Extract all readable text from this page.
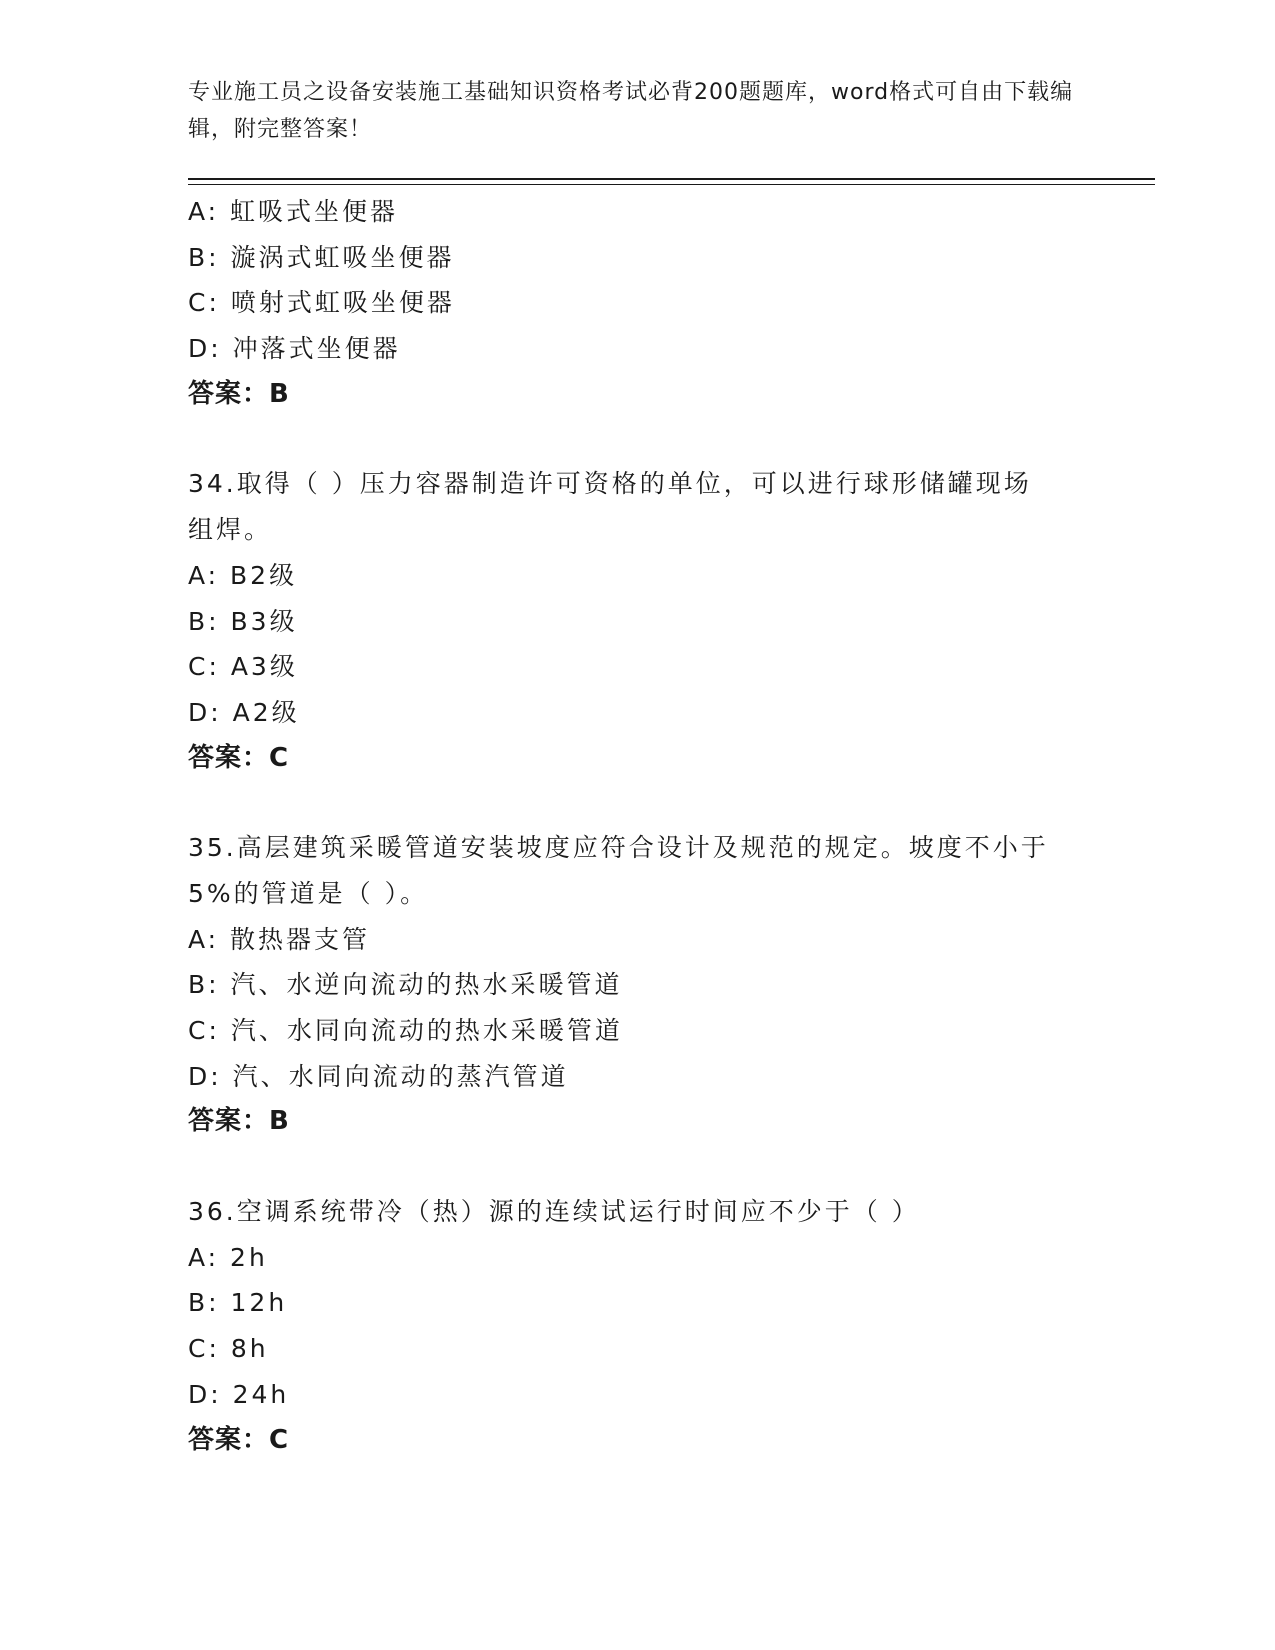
专业施工员之设备安装施工基础知识资格考试必背200题题库，word格式可自由下载编辑，附完整答案！
A: 虹吸式坐便器
B: 漩涡式虹吸坐便器
C: 喷射式虹吸坐便器
D: 冲落式坐便器
答案：B
34.取得（ ）压力容器制造许可资格的单位，可以进行球形储罐现场
组焊。
A: B2级
B: B3级
C: A3级
D: A2级
答案：C
35.高层建筑采暖管道安装坡度应符合设计及规范的规定。坡度不小于
5%的管道是（ ）。
A: 散热器支管
B: 汽、水逆向流动的热水采暖管道
C: 汽、水同向流动的热水采暖管道
D: 汽、水同向流动的蒸汽管道
答案：B
36.空调系统带冷（热）源的连续试运行时间应不少于（ ）
A: 2h
B: 12h
C: 8h
D: 24h
答案：C
